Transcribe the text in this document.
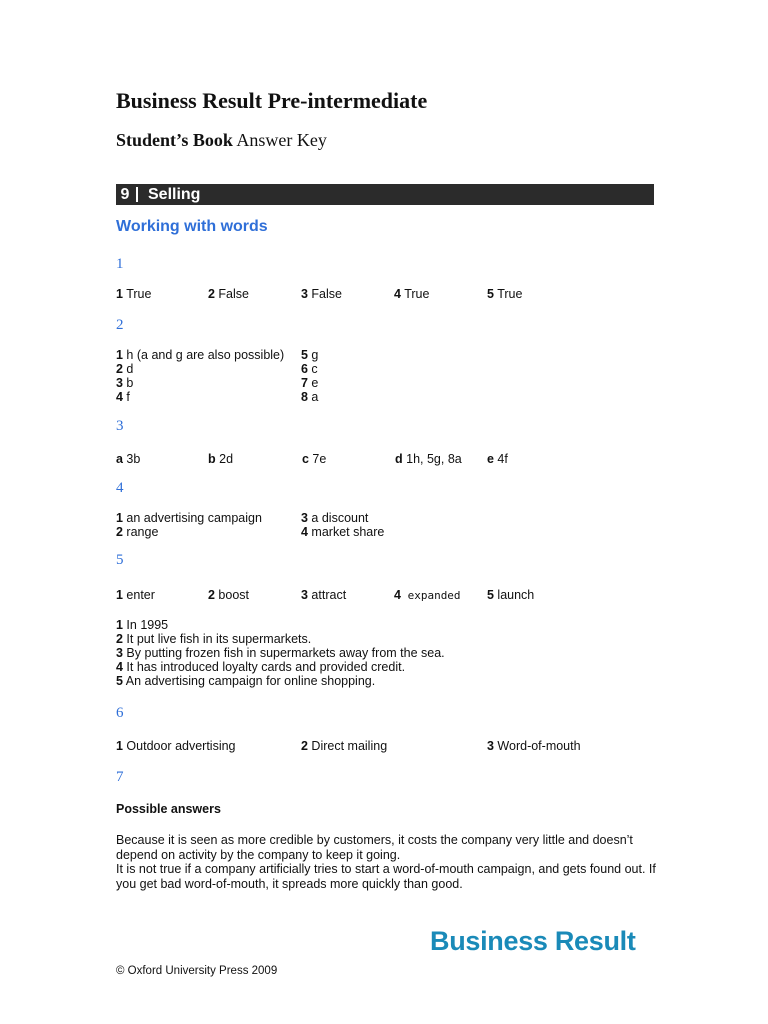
Business Result Pre-intermediate
Student’s Book Answer Key
9 Selling
Working with words
1
1 True	2 False	3 False	4 True	5 True
2
1 h (a and g are also possible)
2 d
3 b
4 f
5 g
6 c
7 e
8 a
3
a 3b	b 2d	c 7e	d 1h, 5g, 8a e 4f
4
1 an advertising campaign
2 range
3 a discount
4 market share
5
1 enter	2 boost	3 attract	4 expanded 5 launch
1 In 1995
2 It put live fish in its supermarkets.
3 By putting frozen fish in supermarkets away from the sea.
4 It has introduced loyalty cards and provided credit.
5 An advertising campaign for online shopping.
6
1 Outdoor advertising	2 Direct mailing	3 Word-of-mouth
7
Possible answers
Because it is seen as more credible by customers, it costs the company very little and doesn’t depend on activity by the company to keep it going.
It is not true if a company artificially tries to start a word-of-mouth campaign, and gets found out. If you get bad word-of-mouth, it spreads more quickly than good.
Business Result
© Oxford University Press 2009
